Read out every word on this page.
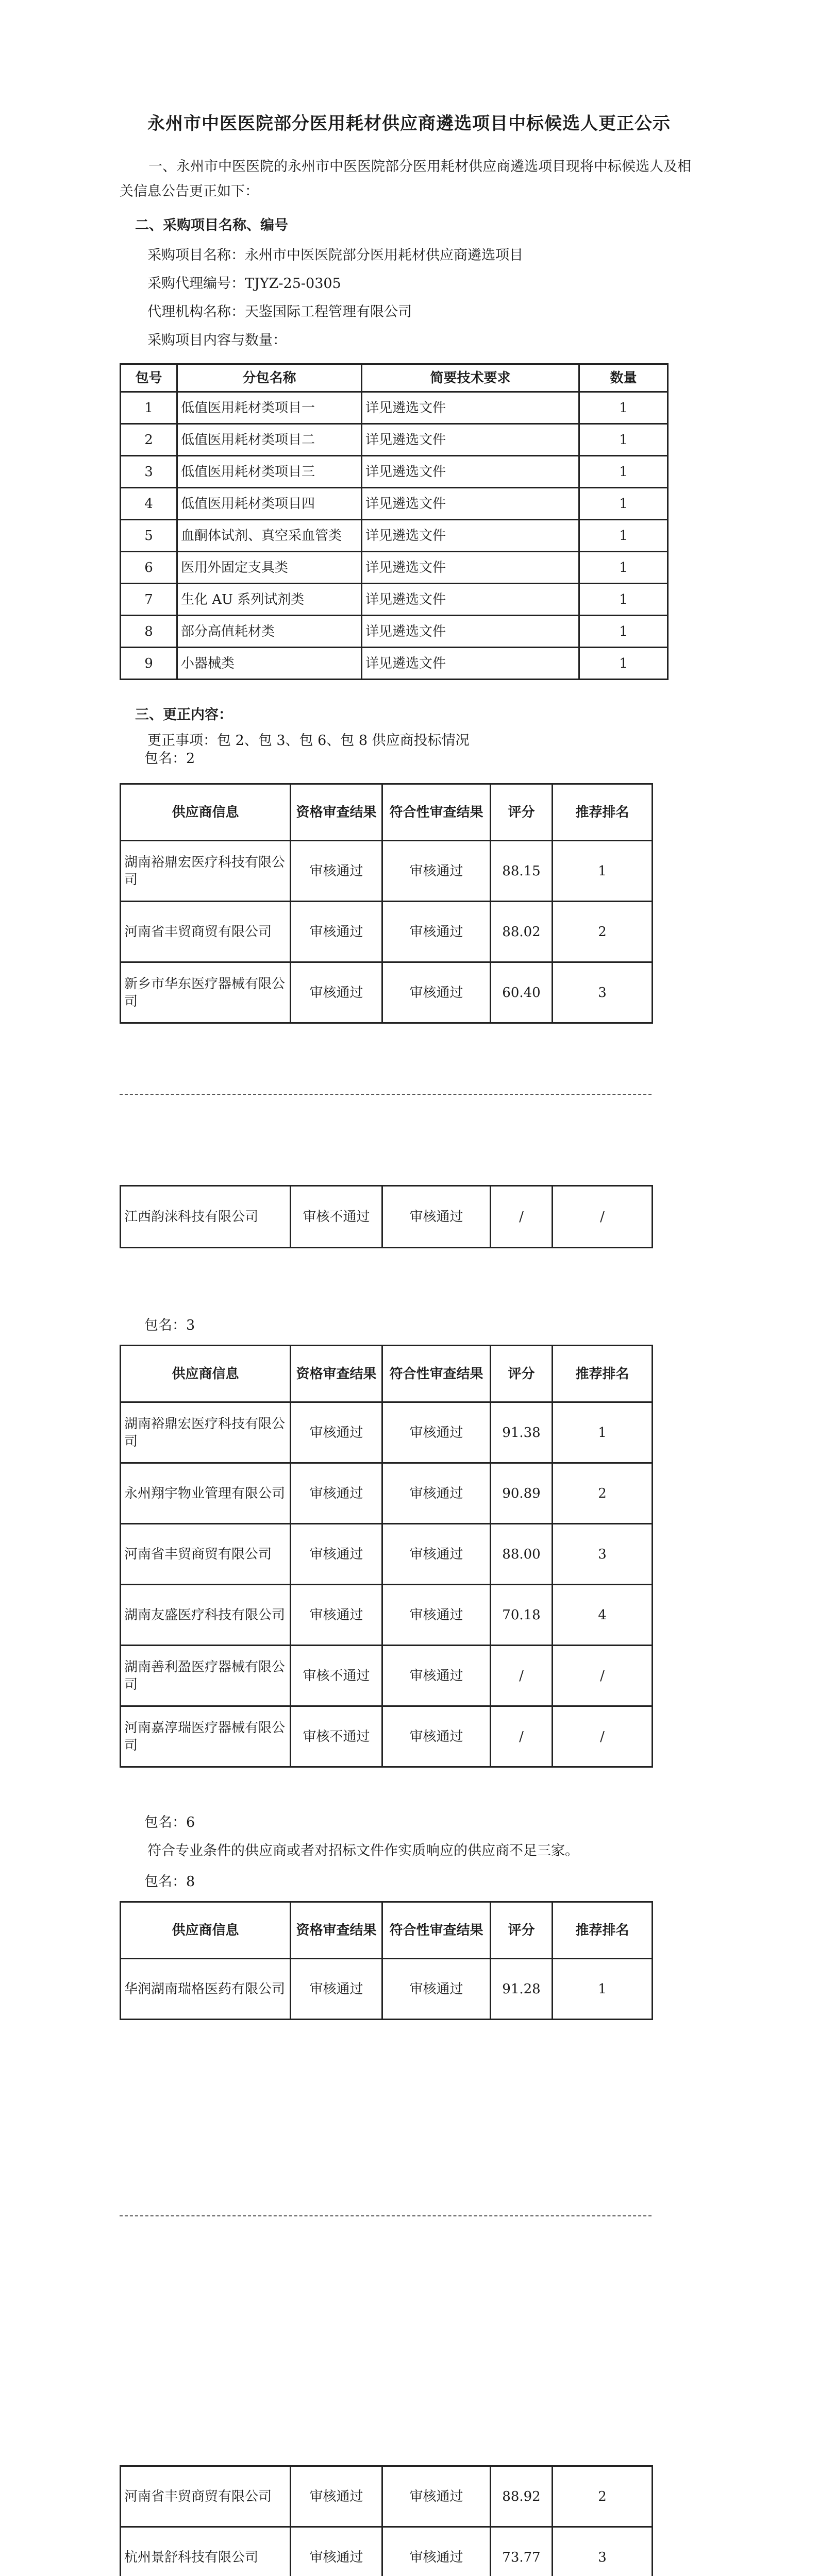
永州市中医医院部分医用耗材供应商遴选项目中标候选人更正公示
一、永州市中医医院的永州市中医医院部分医用耗材供应商遴选项目现将中标候选人及相关信息公告更正如下：
二、采购项目名称、编号
采购项目名称：永州市中医医院部分医用耗材供应商遴选项目
采购代理编号：TJYZ-25-0305
代理机构名称：天鉴国际工程管理有限公司
采购项目内容与数量：
包号	分包名称	简要技术要求	数量
1	低值医用耗材类项目一	详见遴选文件	1
2	低值医用耗材类项目二	详见遴选文件	1
3	低值医用耗材类项目三	详见遴选文件	1
4	低值医用耗材类项目四	详见遴选文件	1
5	血酮体试剂、真空采血管类	详见遴选文件	1
6	医用外固定支具类	详见遴选文件	1
7	生化 AU 系列试剂类	详见遴选文件	1
8	部分高值耗材类	详见遴选文件	1
9	小器械类	详见遴选文件	1
三、更正内容：
更正事项：包 2、包 3、包 6、包 8 供应商投标情况
包名：2
供应商信息	资格审查结果	符合性审查结果	评分	推荐排名
湖南裕鼎宏医疗科技有限公司	审核通过	审核通过	88.15	1
河南省丰贸商贸有限公司	审核通过	审核通过	88.02	2
新乡市华东医疗器械有限公司	审核通过	审核通过	60.40	3
江西韵涞科技有限公司	审核不通过	审核通过	/	/
包名：3
供应商信息	资格审查结果	符合性审查结果	评分	推荐排名
湖南裕鼎宏医疗科技有限公司	审核通过	审核通过	91.38	1
永州翔宇物业管理有限公司	审核通过	审核通过	90.89	2
河南省丰贸商贸有限公司	审核通过	审核通过	88.00	3
湖南友盛医疗科技有限公司	审核通过	审核通过	70.18	4
湖南善利盈医疗器械有限公司	审核不通过	审核通过	/	/
河南嘉淳瑞医疗器械有限公司	审核不通过	审核通过	/	/
包名：6
符合专业条件的供应商或者对招标文件作实质响应的供应商不足三家。
包名：8
供应商信息	资格审查结果	符合性审查结果	评分	推荐排名
华润湖南瑞格医药有限公司	审核通过	审核通过	91.28	1
河南省丰贸商贸有限公司	审核通过	审核通过	88.92	2
杭州景舒科技有限公司	审核通过	审核通过	73.77	3
